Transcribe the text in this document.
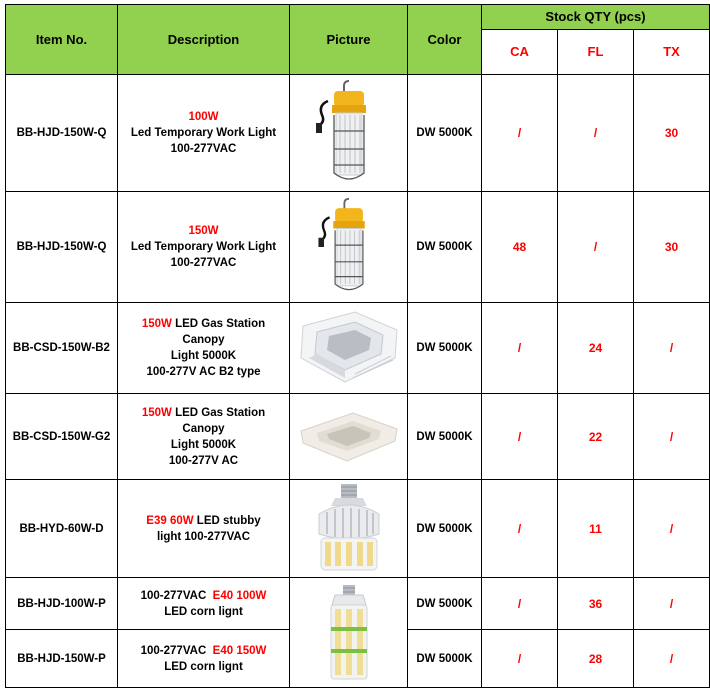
Item No.	Description	Picture	Color	Stock QTY (pcs)		
				CA	FL	TX
BB-HJD-150W-Q	100W
Led Temporary Work Light
100-277VAC		DW 5000K	/	/	30
BB-HJD-150W-Q	150W
Led Temporary Work Light
100-277VAC		DW 5000K	48	/	30
BB-CSD-150W-B2	150W LED Gas Station Canopy
Light 5000K
100-277V AC B2 type		DW 5000K	/	24	/
BB-CSD-150W-G2	150W LED Gas Station Canopy
Light 5000K
100-277V AC		DW 5000K	/	22	/
BB-HYD-60W-D	E39 60W LED stubby
light 100-277VAC		DW 5000K	/	11	/
BB-HJD-100W-P	100-277VAC  E40 100W
LED corn lignt		DW 5000K	/	36	/
BB-HJD-150W-P	100-277VAC  E40 150W
LED corn lignt		DW 5000K	/	28	/
